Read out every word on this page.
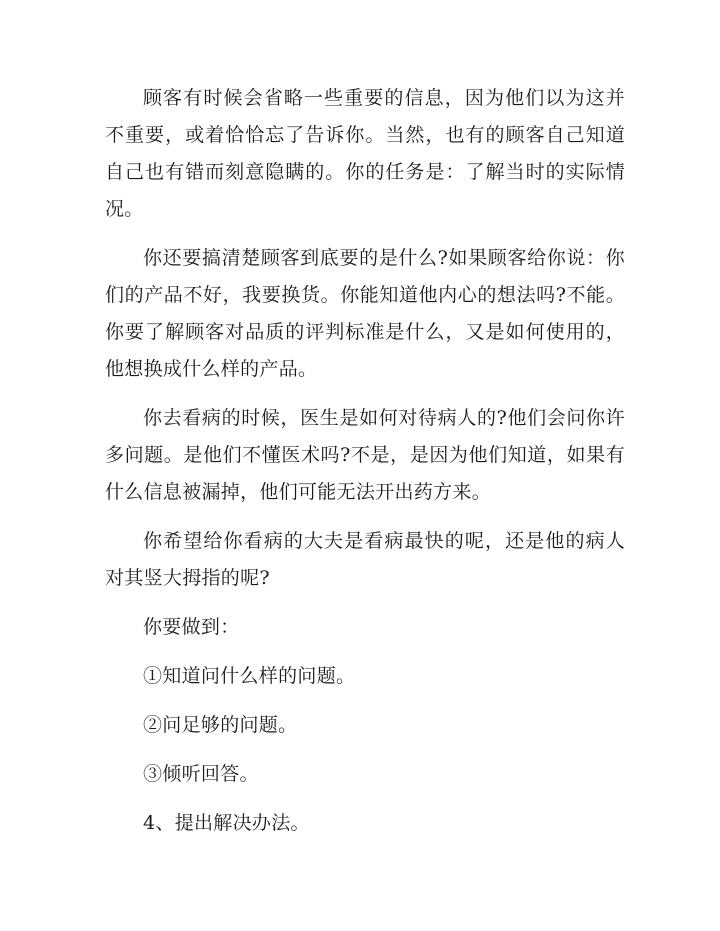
顾客有时候会省略一些重要的信息，因为他们以为这并不重要，或着恰恰忘了告诉你。当然，也有的顾客自己知道自己也有错而刻意隐瞒的。你的任务是：了解当时的实际情况。

你还要搞清楚顾客到底要的是什么?如果顾客给你说：你们的产品不好，我要换货。你能知道他内心的想法吗?不能。你要了解顾客对品质的评判标准是什么，又是如何使用的，他想换成什么样的产品。

你去看病的时候，医生是如何对待病人的?他们会问你许多问题。是他们不懂医术吗?不是，是因为他们知道，如果有什么信息被漏掉，他们可能无法开出药方来。

你希望给你看病的大夫是看病最快的呢，还是他的病人对其竖大拇指的呢?

你要做到：

①知道问什么样的问题。

②问足够的问题。

③倾听回答。

4、提出解决办法。
